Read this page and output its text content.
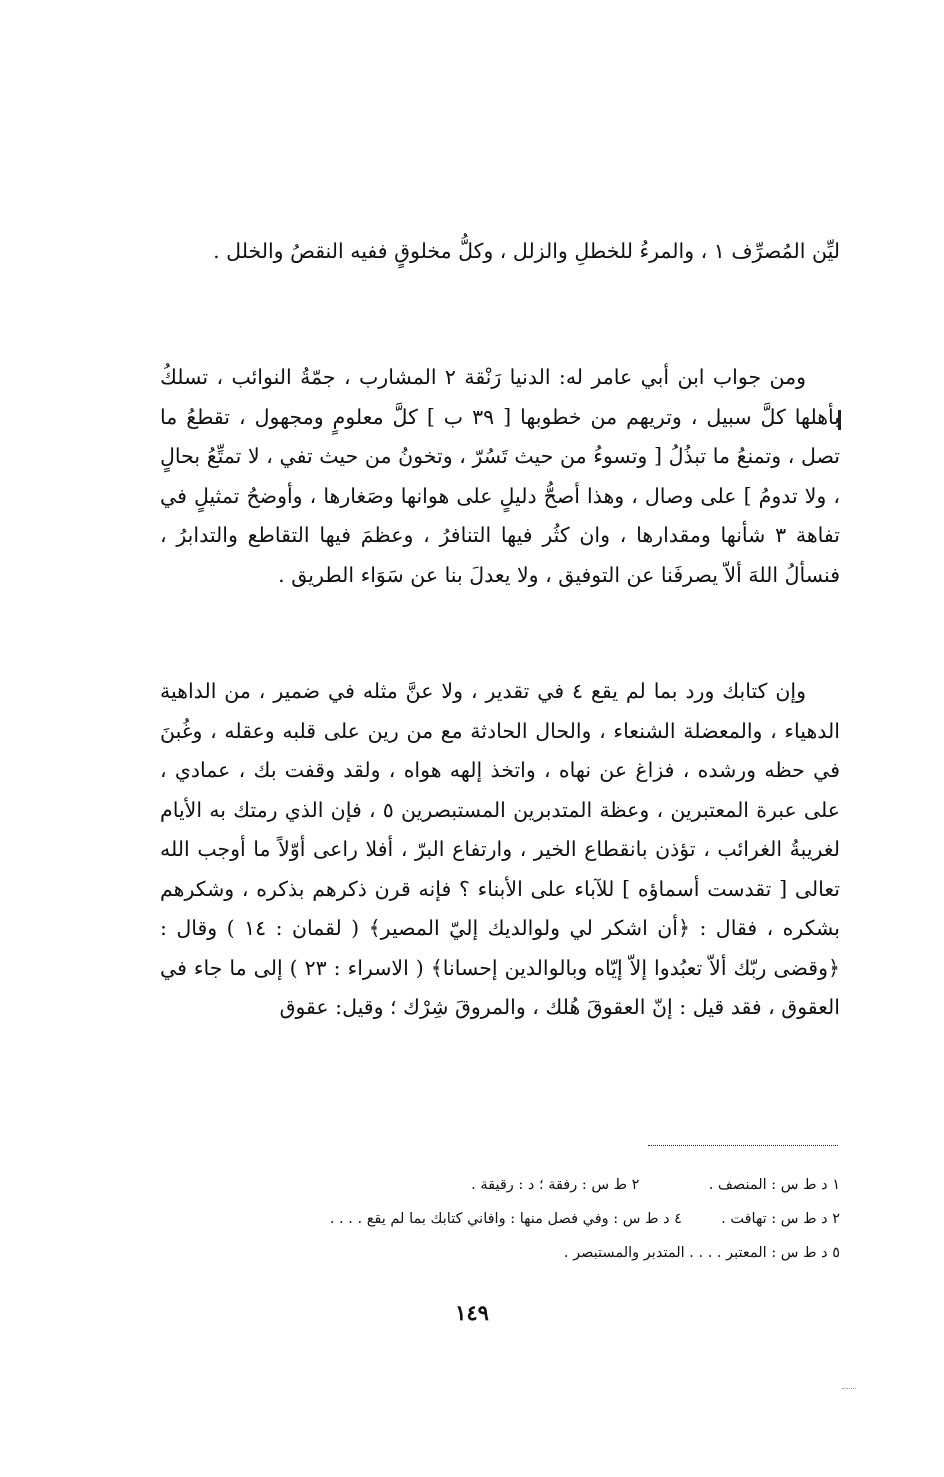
ليِّن المُصرِّف ١ ، والمرءُ للخطلِ والزلل ، وكلُّ مخلوقٍ ففيه النقصُ والخلل .

ومن جواب ابن أبي عامر له: الدنيا رَنْقة ٢ المشارب ، جمّةُ النوائب ، تسلكُ بأهلها كلَّ سبيل ، وتريهم من خطوبها [ ٣٩ ب ] كلَّ معلومٍ ومجهول ، تقطعُ ما تصل ، وتمنعُ ما تبذُلُ [ وتسوءُ من حيث تَسُرّ ، وتخونُ من حيث تفي ، لا تمتِّعُ بحالٍ ، ولا تدومُ ] على وصال ، وهذا أصحُّ دليلٍ على هوانها وصَغارها ، وأوضحُ تمثيلٍ في تفاهة ٣ شأنها ومقدارها ، وان كثُر فيها التنافرُ ، وعظمَ فيها التقاطع والتدابرُ ، فنسألُ اللهَ ألاّ يصرفَنا عن التوفيق ، ولا يعدلَ بنا عن سَوَاء الطريق .

وإن كتابك ورد بما لم يقع ٤ في تقدير ، ولا عنَّ مثله في ضمير ، من الداهية الدهياء ، والمعضلة الشنعاء ، والحال الحادثة مع من رين على قلبه وعقله ، وغُبنَ في حظه ورشده ، فزاغ عن نهاه ، واتخذ إلهه هواه ، ولقد وقفت بك ، عمادي ، على عبرة المعتبرين ، وعظة المتدبرين المستبصرين ٥ ، فإن الذي رمتك به الأيام لغريبةُ الغرائب ، تؤذن بانقطاع الخير ، وارتفاع البرّ ، أفلا راعى أوّلاً ما أوجب الله تعالى [ تقدست أسماؤه ] للآباء على الأبناء ؟ فإنه قرن ذكرهم بذكره ، وشكرهم بشكره ، فقال : ﴿أن اشكر لي ولوالديك إليّ المصير﴾ ( لقمان : ١٤ ) وقال : ﴿وقضى ربّك ألاّ تعبُدوا إلاّ إيّاه وبالوالدين إحسانا﴾ ( الاسراء : ٢٣ ) إلى ما جاء في العقوق ، فقد قيل : إنّ العقوقَ هُلك ، والمروقَ شِرْك ؛ وقيل: عقوق

١ د ط س : المنصف .  ٢ ط س : رفقة ؛ د : رقيقة .
٢ د ط س : تهافت .  ٤ د ط س : وفي فصل منها : وافاني كتابك بما لم يقع . . . .
٥ د ط س : المعتبر . . . . المتدبر والمستبصر .
١٤٩
